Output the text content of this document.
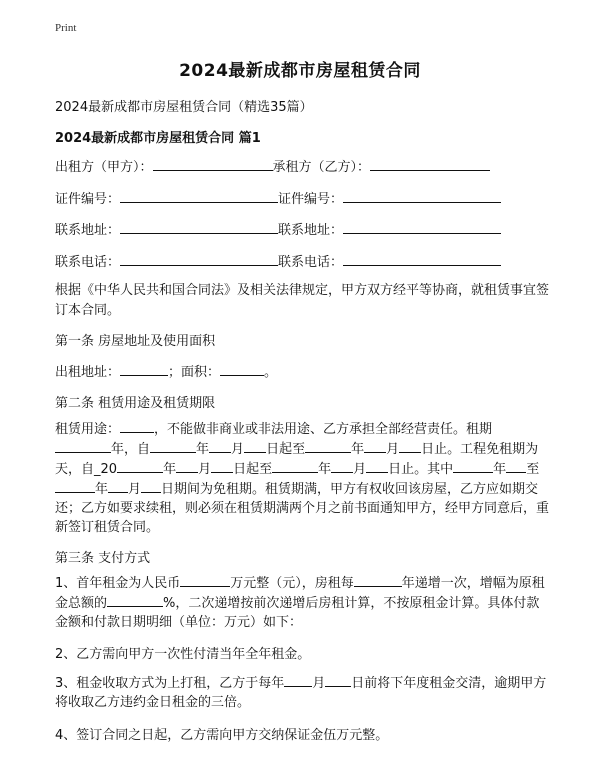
Print
2024最新成都市房屋租赁合同
2024最新成都市房屋租赁合同（精选35篇）
2024最新成都市房屋租赁合同 篇1
出租方（甲方）：	承租方（乙方）：
证件编号：	证件编号：
联系地址：	联系地址：
联系电话：	联系电话：
根据《中华人民共和国合同法》及相关法律规定，甲方双方经平等协商，就租赁事宜签订本合同。
第一条 房屋地址及使用面积
出租地址：	；面积：	。
第二条 租赁用途及租赁期限
租赁用途：	，不能做非商业或非法用途、乙方承担全部经营责任。租期
年，自	年 月 日起至	年 月 日止。工程免租期为天，自_20	年 月 日起至	年 月 日止。其中	年 至年 月 日期间为免租期。租赁期满，甲方有权收回该房屋，乙方应如期交还；乙方如要求续租，则必须在租赁期满两个月之前书面通知甲方，经甲方同意后，重新签订租赁合同。
第三条 支付方式
1、首年租金为人民币	万元整（元），房租每	年递增一次，增幅为原租金总额的	%，二次递增按前次递增后房租计算，不按原租金计算。具体付款金额和付款日期明细（单位：万元）如下：
2、乙方需向甲方一次性付清当年全年租金。
3、租金收取方式为上打租，乙方于每年 月 日前将下年度租金交清，逾期甲方将收取乙方违约金日租金的三倍。
4、签订合同之日起，乙方需向甲方交纳保证金伍万元整。
